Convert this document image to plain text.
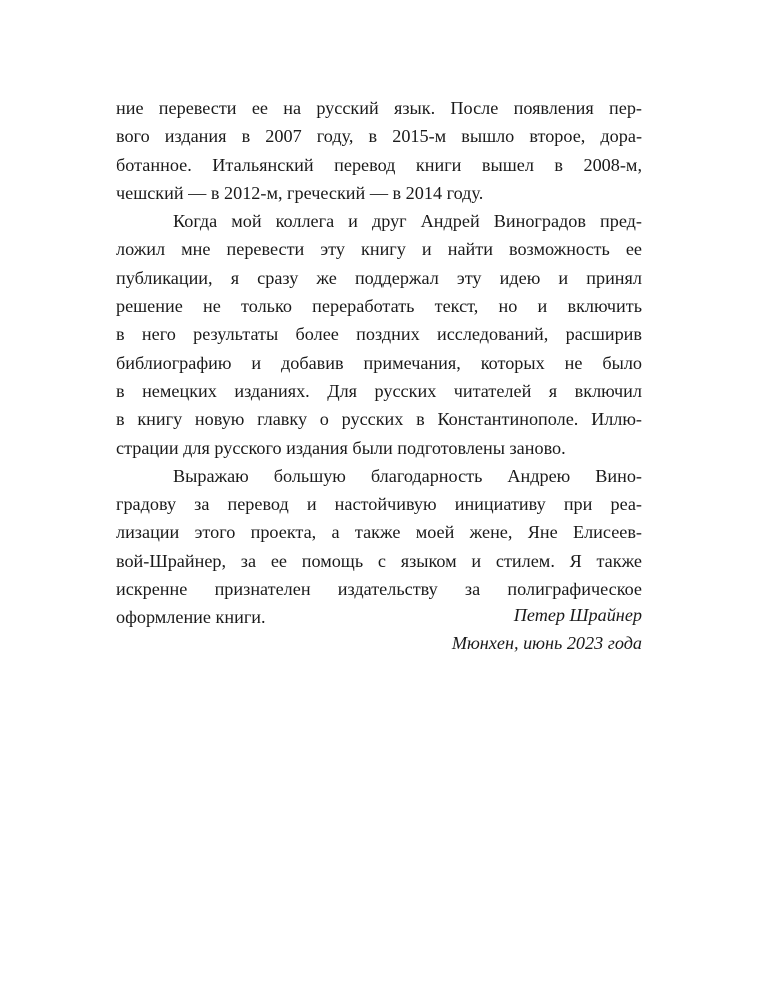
ние перевести ее на русский язык. После появления пер-
вого издания в 2007 году, в 2015-м вышло второе, дора-
ботанное. Итальянский перевод книги вышел в 2008-м,
чешский — в 2012-м, греческий — в 2014 году.
Когда мой коллега и друг Андрей Виноградов пред-
ложил мне перевести эту книгу и найти возможность ее
публикации, я сразу же поддержал эту идею и принял
решение не только переработать текст, но и включить
в него результаты более поздних исследований, расширив
библиографию и добавив примечания, которых не было
в немецких изданиях. Для русских читателей я включил
в книгу новую главку о русских в Константинополе. Иллю-
страции для русского издания были подготовлены заново.
Выражаю большую благодарность Андрею Вино-
градову за перевод и настойчивую инициативу при реа-
лизации этого проекта, а также моей жене, Яне Елисеев-
вой-Шрайнер, за ее помощь с языком и стилем. Я также
искренне признателен издательству за полиграфическое
оформление книги.	Петер Шрайнер
Мюнхен, июнь 2023 года
